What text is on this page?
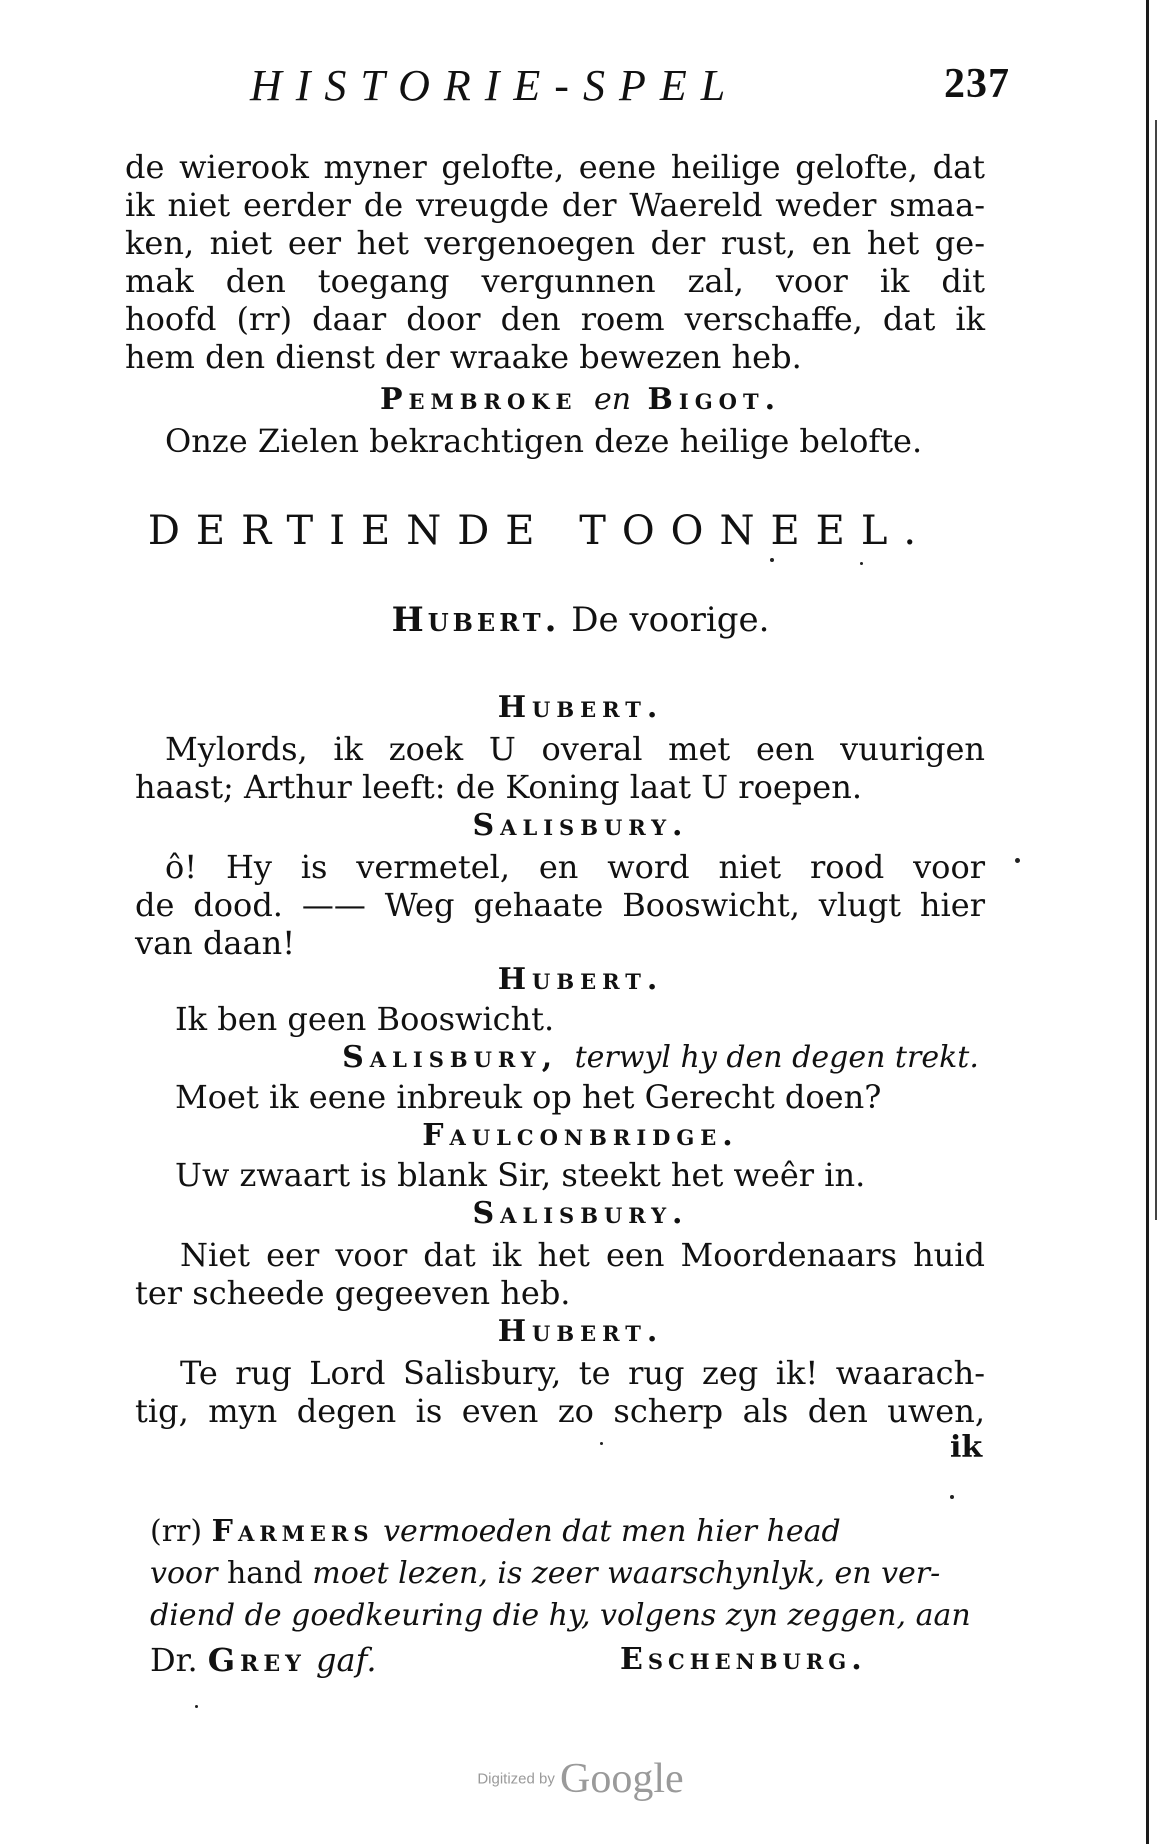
HISTORIE-SPEL	237
de wierook myner gelofte, eene heilige gelofte, dat
ik niet eerder de vreugde der Waereld weder smaa-
ken, niet eer het vergenoegen der rust, en het ge-
mak den toegang vergunnen zal, voor ik dit
hoofd (rr) daar door den roem verschaffe, dat ik
hem den dienst der wraake bewezen heb.
Pembroke en Bigot.
Onze Zielen bekrachtigen deze heilige belofte.
DERTIENDE TOONEEL.
Hubert. De voorige.
Hubert.
Mylords, ik zoek U overal met een vuurigen
haast; Arthur leeft: de Koning laat U roepen.
Salisbury.
ô! Hy is vermetel, en word niet rood voor
de dood. —— Weg gehaate Booswicht, vlugt hier
van daan!
Hubert.
Ik ben geen Booswicht.
Salisbury, terwyl hy den degen trekt.
Moet ik eene inbreuk op het Gerecht doen?
Faulconbridge.
Uw zwaart is blank Sir, steekt het weêr in.
Salisbury.
Niet eer voor dat ik het een Moordenaars huid
ter scheede gegeeven heb.
Hubert.
Te rug Lord Salisbury, te rug zeg ik! waarach-
tig, myn degen is even zo scherp als den uwen,
ik
(rr) Farmers vermoeden dat men hier head
voor hand moet lezen, is zeer waarschynlyk, en ver-
diend de goedkeuring die hy, volgens zyn zeggen, aan
Dr. Grey gaf.	Eschenburg.
Digitized by Google
